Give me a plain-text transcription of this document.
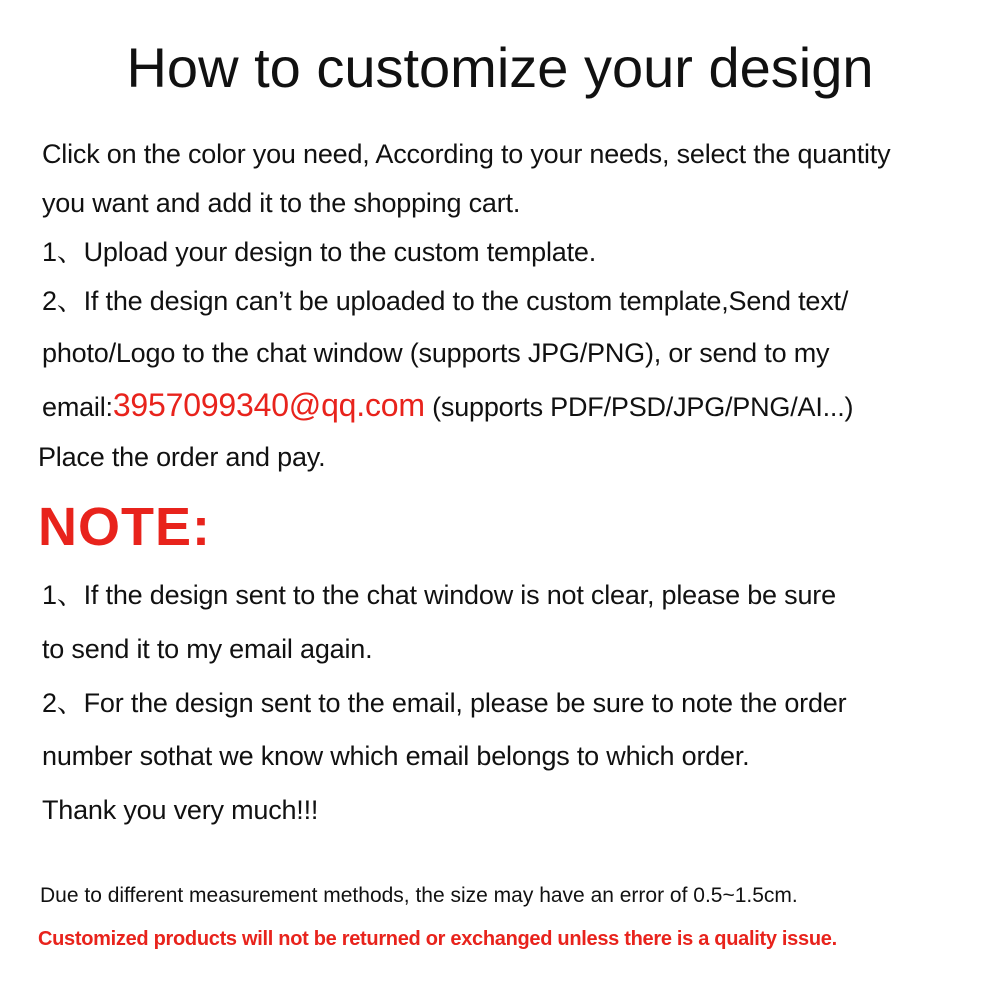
How to customize your design
Click on the color you need, According to your needs, select the quantity
you want and add it to the shopping cart.
1、Upload your design to the custom template.
2、If the design can’t be uploaded to the custom template,Send text/
photo/Logo to the chat window (supports JPG/PNG), or send to my
email:3957099340@qq.com (supports PDF/PSD/JPG/PNG/AI...)
Place the order and pay.
NOTE:
1、If the design sent to the chat window is not clear, please be sure
to send it to my email again.
2、For the design sent to the email, please be sure to note the order
number sothat we know which email belongs to which order.
Thank you very much!!!
Due to different measurement methods, the size may have an error of 0.5~1.5cm.
Customized products will not be returned or exchanged unless there is a quality issue.
